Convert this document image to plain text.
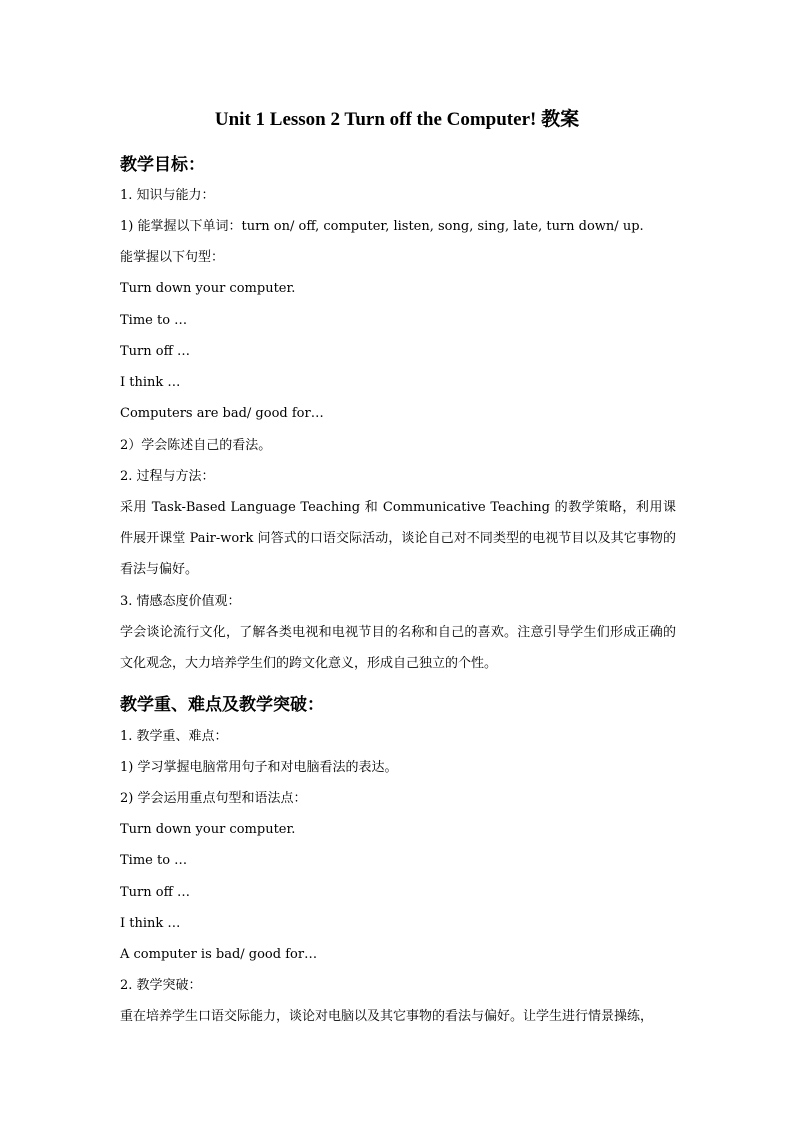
Unit 1 Lesson 2 Turn off the Computer! 教案
教学目标：
1. 知识与能力：
1) 能掌握以下单词：turn on/ off, computer, listen, song, sing, late, turn down/ up.
能掌握以下句型：
Turn down your computer.
Time to …
Turn off …
I think …
Computers are bad/ good for…
2）学会陈述自己的看法。
2. 过程与方法：
采用 Task-Based Language Teaching 和 Communicative Teaching 的教学策略，利用课件展开课堂 Pair-work 问答式的口语交际活动，谈论自己对不同类型的电视节目以及其它事物的看法与偏好。
3. 情感态度价值观：
学会谈论流行文化，了解各类电视和电视节目的名称和自己的喜欢。注意引导学生们形成正确的文化观念，大力培养学生们的跨文化意义，形成自己独立的个性。
教学重、难点及教学突破：
1. 教学重、难点：
1) 学习掌握电脑常用句子和对电脑看法的表达。
2) 学会运用重点句型和语法点：
Turn down your computer.
Time to …
Turn off …
I think …
A computer is bad/ good for…
2. 教学突破：
重在培养学生口语交际能力，谈论对电脑以及其它事物的看法与偏好。让学生进行情景操练，
